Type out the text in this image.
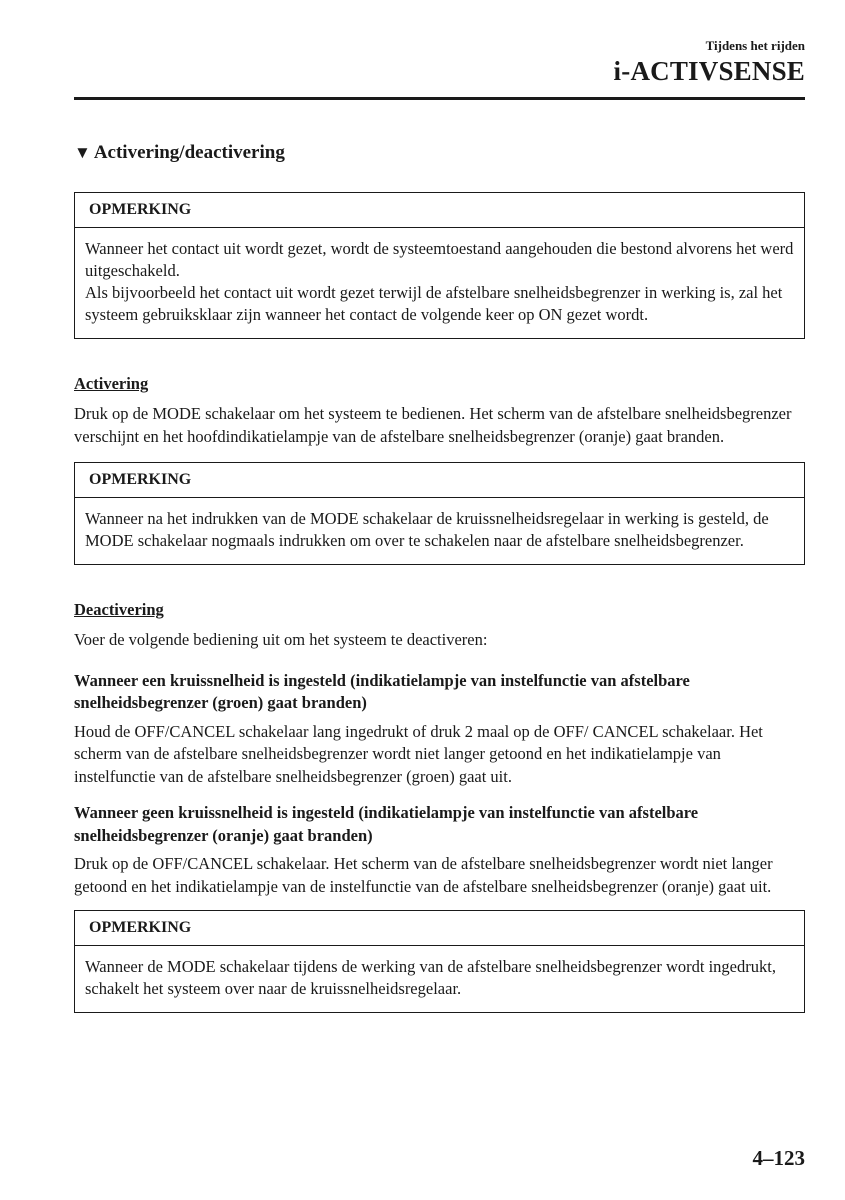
Tijdens het rijden
i-ACTIVSENSE
▼ Activering/deactivering
OPMERKING

Wanneer het contact uit wordt gezet, wordt de systeemtoestand aangehouden die bestond alvorens het werd uitgeschakeld.

Als bijvoorbeeld het contact uit wordt gezet terwijl de afstelbare snelheidsbegrenzer in werking is, zal het systeem gebruiksklaar zijn wanneer het contact de volgende keer op ON gezet wordt.

Activering

Druk op de MODE schakelaar om het systeem te bedienen. Het scherm van de afstelbare snelheidsbegrenzer verschijnt en het hoofdindikatielampje van de afstelbare snelheidsbegrenzer (oranje) gaat branden.

OPMERKING

Wanneer na het indrukken van de MODE schakelaar de kruissnelheidsregelaar in werking is gesteld, de MODE schakelaar nogmaals indrukken om over te schakelen naar de afstelbare snelheidsbegrenzer.

Deactivering

Voer de volgende bediening uit om het systeem te deactiveren:

Wanneer een kruissnelheid is ingesteld (indikatielampje van instelfunctie van afstelbare snelheidsbegrenzer (groen) gaat branden)

Houd de OFF/CANCEL schakelaar lang ingedrukt of druk 2 maal op de OFF/ CANCEL schakelaar. Het scherm van de afstelbare snelheidsbegrenzer wordt niet langer getoond en het indikatielampje van instelfunctie van de afstelbare snelheidsbegrenzer (groen) gaat uit.

Wanneer geen kruissnelheid is ingesteld (indikatielampje van instelfunctie van afstelbare snelheidsbegrenzer (oranje) gaat branden)

Druk op de OFF/CANCEL schakelaar. Het scherm van de afstelbare snelheidsbegrenzer wordt niet langer getoond en het indikatielampje van de instelfunctie van de afstelbare snelheidsbegrenzer (oranje) gaat uit.

OPMERKING

Wanneer de MODE schakelaar tijdens de werking van de afstelbare snelheidsbegrenzer wordt ingedrukt, schakelt het systeem over naar de kruissnelheidsregelaar.

4–123
